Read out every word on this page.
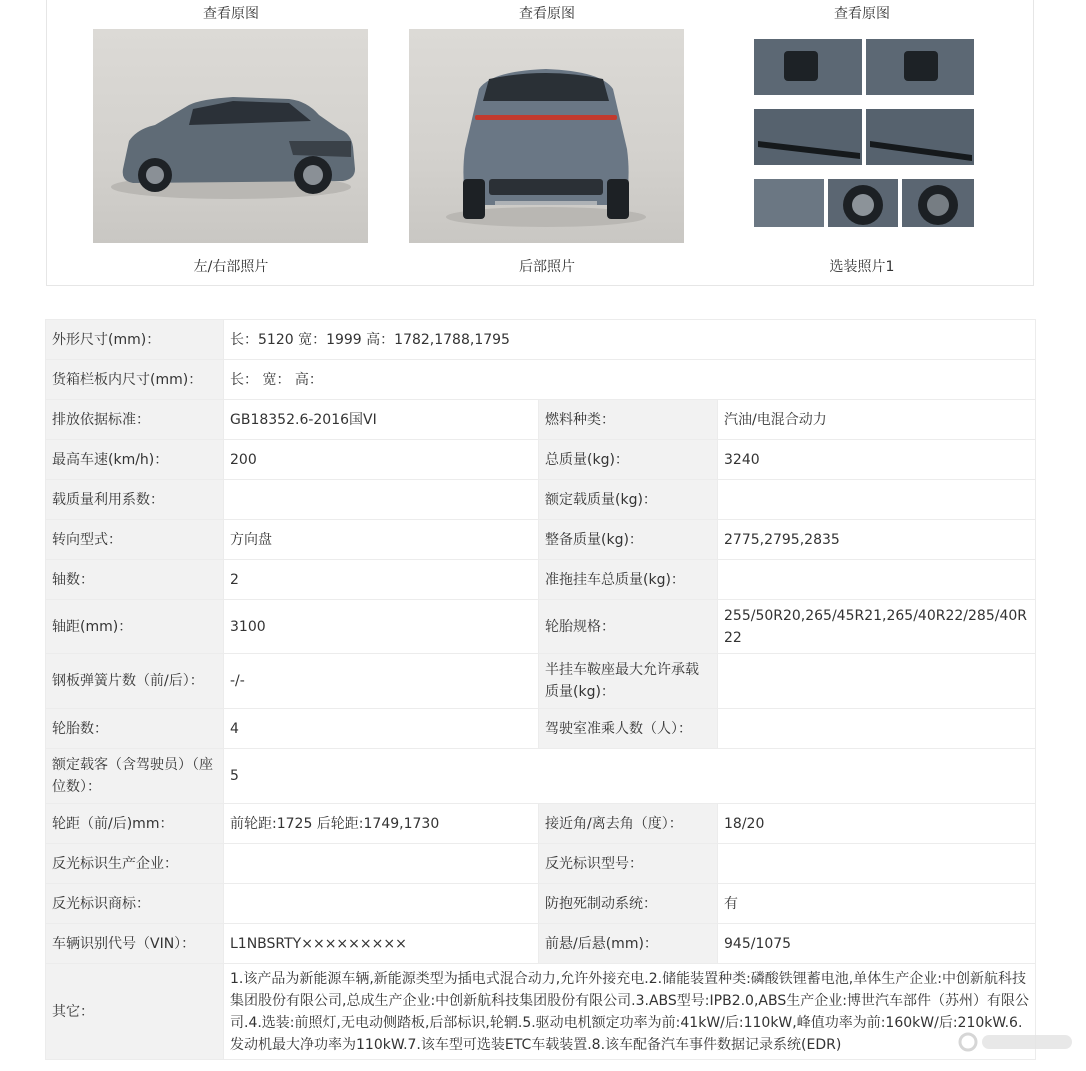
查看原图
左/右部照片
查看原图
后部照片
查看原图
选装照片1
外形尺寸(mm)：	长：5120 宽：1999 高：1782,1788,1795		
货箱栏板内尺寸(mm)：	长： 宽： 高：		
排放依据标准：	GB18352.6-2016国VI	燃料种类：	汽油/电混合动力
最高车速(km/h)：	200	总质量(kg)：	3240
载质量利用系数：		额定载质量(kg)：	
转向型式：	方向盘	整备质量(kg)：	2775,2795,2835
轴数：	2	准拖挂车总质量(kg)：	
轴距(mm)：	3100	轮胎规格：	255/50R20,265/45R21,265/40R22/285/40R22
钢板弹簧片数（前/后）：	-/-	半挂车鞍座最大允许承载质量(kg)：	
轮胎数：	4	驾驶室准乘人数（人）：	
额定载客（含驾驶员）（座位数）：	5		
轮距（前/后)mm：	前轮距:1725 后轮距:1749,1730	接近角/离去角（度）：	18/20
反光标识生产企业：		反光标识型号：	
反光标识商标：		防抱死制动系统：	有
车辆识别代号（VIN）：	L1NBSRTY×××××××××	前悬/后悬(mm)：	945/1075
其它：	1.该产品为新能源车辆,新能源类型为插电式混合动力,允许外接充电.2.储能装置种类:磷酸铁锂蓄电池,单体生产企业:中创新航科技集团股份有限公司,总成生产企业:中创新航科技集团股份有限公司.3.ABS型号:IPB2.0,ABS生产企业:博世汽车部件（苏州）有限公司.4.选装:前照灯,无电动侧踏板,后部标识,轮辋.5.驱动电机额定功率为前:41kW/后:110kW,峰值功率为前:160kW/后:210kW.6.发动机最大净功率为110kW.7.该车型可选装ETC车载装置.8.该车配备汽车事件数据记录系统(EDR)		
